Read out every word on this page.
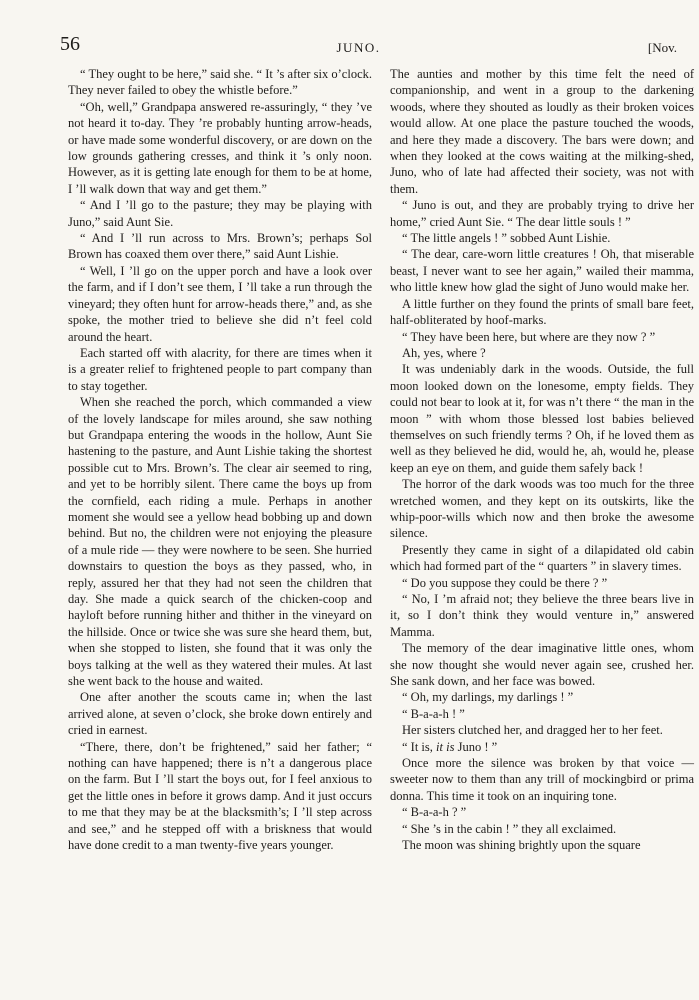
56	JUNO.	[Nov.

“ They ought to be here,” said she. “ It ’s after six o’clock. They never failed to obey the whistle before.”

“Oh, well,” Grandpapa answered re-assuringly, “ they ’ve not heard it to-day. They ’re probably hunting arrow-heads, or have made some wonderful discovery, or are down on the low grounds gathering cresses, and think it ’s only noon. However, as it is getting late enough for them to be at home, I ’ll walk down that way and get them.”

“ And I ’ll go to the pasture; they may be playing with Juno,” said Aunt Sie.

“ And I ’ll run across to Mrs. Brown’s; perhaps Sol Brown has coaxed them over there,” said Aunt Lishie.

“ Well, I ’ll go on the upper porch and have a look over the farm, and if I don’t see them, I ’ll take a run through the vineyard; they often hunt for arrow-heads there,” and, as she spoke, the mother tried to believe she did n’t feel cold around the heart.

Each started off with alacrity, for there are times when it is a greater relief to frightened people to part company than to stay together.

When she reached the porch, which commanded a view of the lovely landscape for miles around, she saw nothing but Grandpapa entering the woods in the hollow, Aunt Sie hastening to the pasture, and Aunt Lishie taking the shortest possible cut to Mrs. Brown’s. The clear air seemed to ring, and yet to be horribly silent. There came the boys up from the cornfield, each riding a mule. Perhaps in another moment she would see a yellow head bobbing up and down behind. But no, the children were not enjoying the pleasure of a mule ride — they were nowhere to be seen. She hurried downstairs to question the boys as they passed, who, in reply, assured her that they had not seen the children that day. She made a quick search of the chicken-coop and hayloft before running hither and thither in the vineyard on the hillside. Once or twice she was sure she heard them, but, when she stopped to listen, she found that it was only the boys talking at the well as they watered their mules. At last she went back to the house and waited.

One after another the scouts came in; when the last arrived alone, at seven o’clock, she broke down entirely and cried in earnest.

“There, there, don’t be frightened,” said her father; “ nothing can have happened; there is n’t a dangerous place on the farm. But I ’ll start the boys out, for I feel anxious to get the little ones in before it grows damp. And it just occurs to me that they may be at the blacksmith’s; I ’ll step across and see,” and he stepped off with a briskness that would have done credit to a man twenty-five years younger.

The aunties and mother by this time felt the need of companionship, and went in a group to the darkening woods, where they shouted as loudly as their broken voices would allow. At one place the pasture touched the woods, and here they made a discovery. The bars were down; and when they looked at the cows waiting at the milking-shed, Juno, who of late had affected their society, was not with them.

“ Juno is out, and they are probably trying to drive her home,” cried Aunt Sie. “ The dear little souls ! ”

“ The little angels ! ” sobbed Aunt Lishie.

“ The dear, care-worn little creatures ! Oh, that miserable beast, I never want to see her again,” wailed their mamma, who little knew how glad the sight of Juno would make her.

A little further on they found the prints of small bare feet, half-obliterated by hoof-marks.

“ They have been here, but where are they now ? ”

Ah, yes, where ?

It was undeniably dark in the woods. Outside, the full moon looked down on the lonesome, empty fields. They could not bear to look at it, for was n’t there “ the man in the moon ” with whom those blessed lost babies believed themselves on such friendly terms ? Oh, if he loved them as well as they believed he did, would he, ah, would he, please keep an eye on them, and guide them safely back !

The horror of the dark woods was too much for the three wretched women, and they kept on its outskirts, like the whip-poor-wills which now and then broke the awesome silence.

Presently they came in sight of a dilapidated old cabin which had formed part of the “ quarters ” in slavery times.

“ Do you suppose they could be there ? ”

“ No, I ’m afraid not; they believe the three bears live in it, so I don’t think they would venture in,” answered Mamma.

The memory of the dear imaginative little ones, whom she now thought she would never again see, crushed her. She sank down, and her face was bowed.

“ Oh, my darlings, my darlings ! ”

“ B-a-a-h ! ”

Her sisters clutched her, and dragged her to her feet.

“ It is, it is Juno ! ”

Once more the silence was broken by that voice — sweeter now to them than any trill of mockingbird or prima donna. This time it took on an inquiring tone.

“ B-a-a-h ? ”

“ She ’s in the cabin ! ” they all exclaimed.

The moon was shining brightly upon the square
